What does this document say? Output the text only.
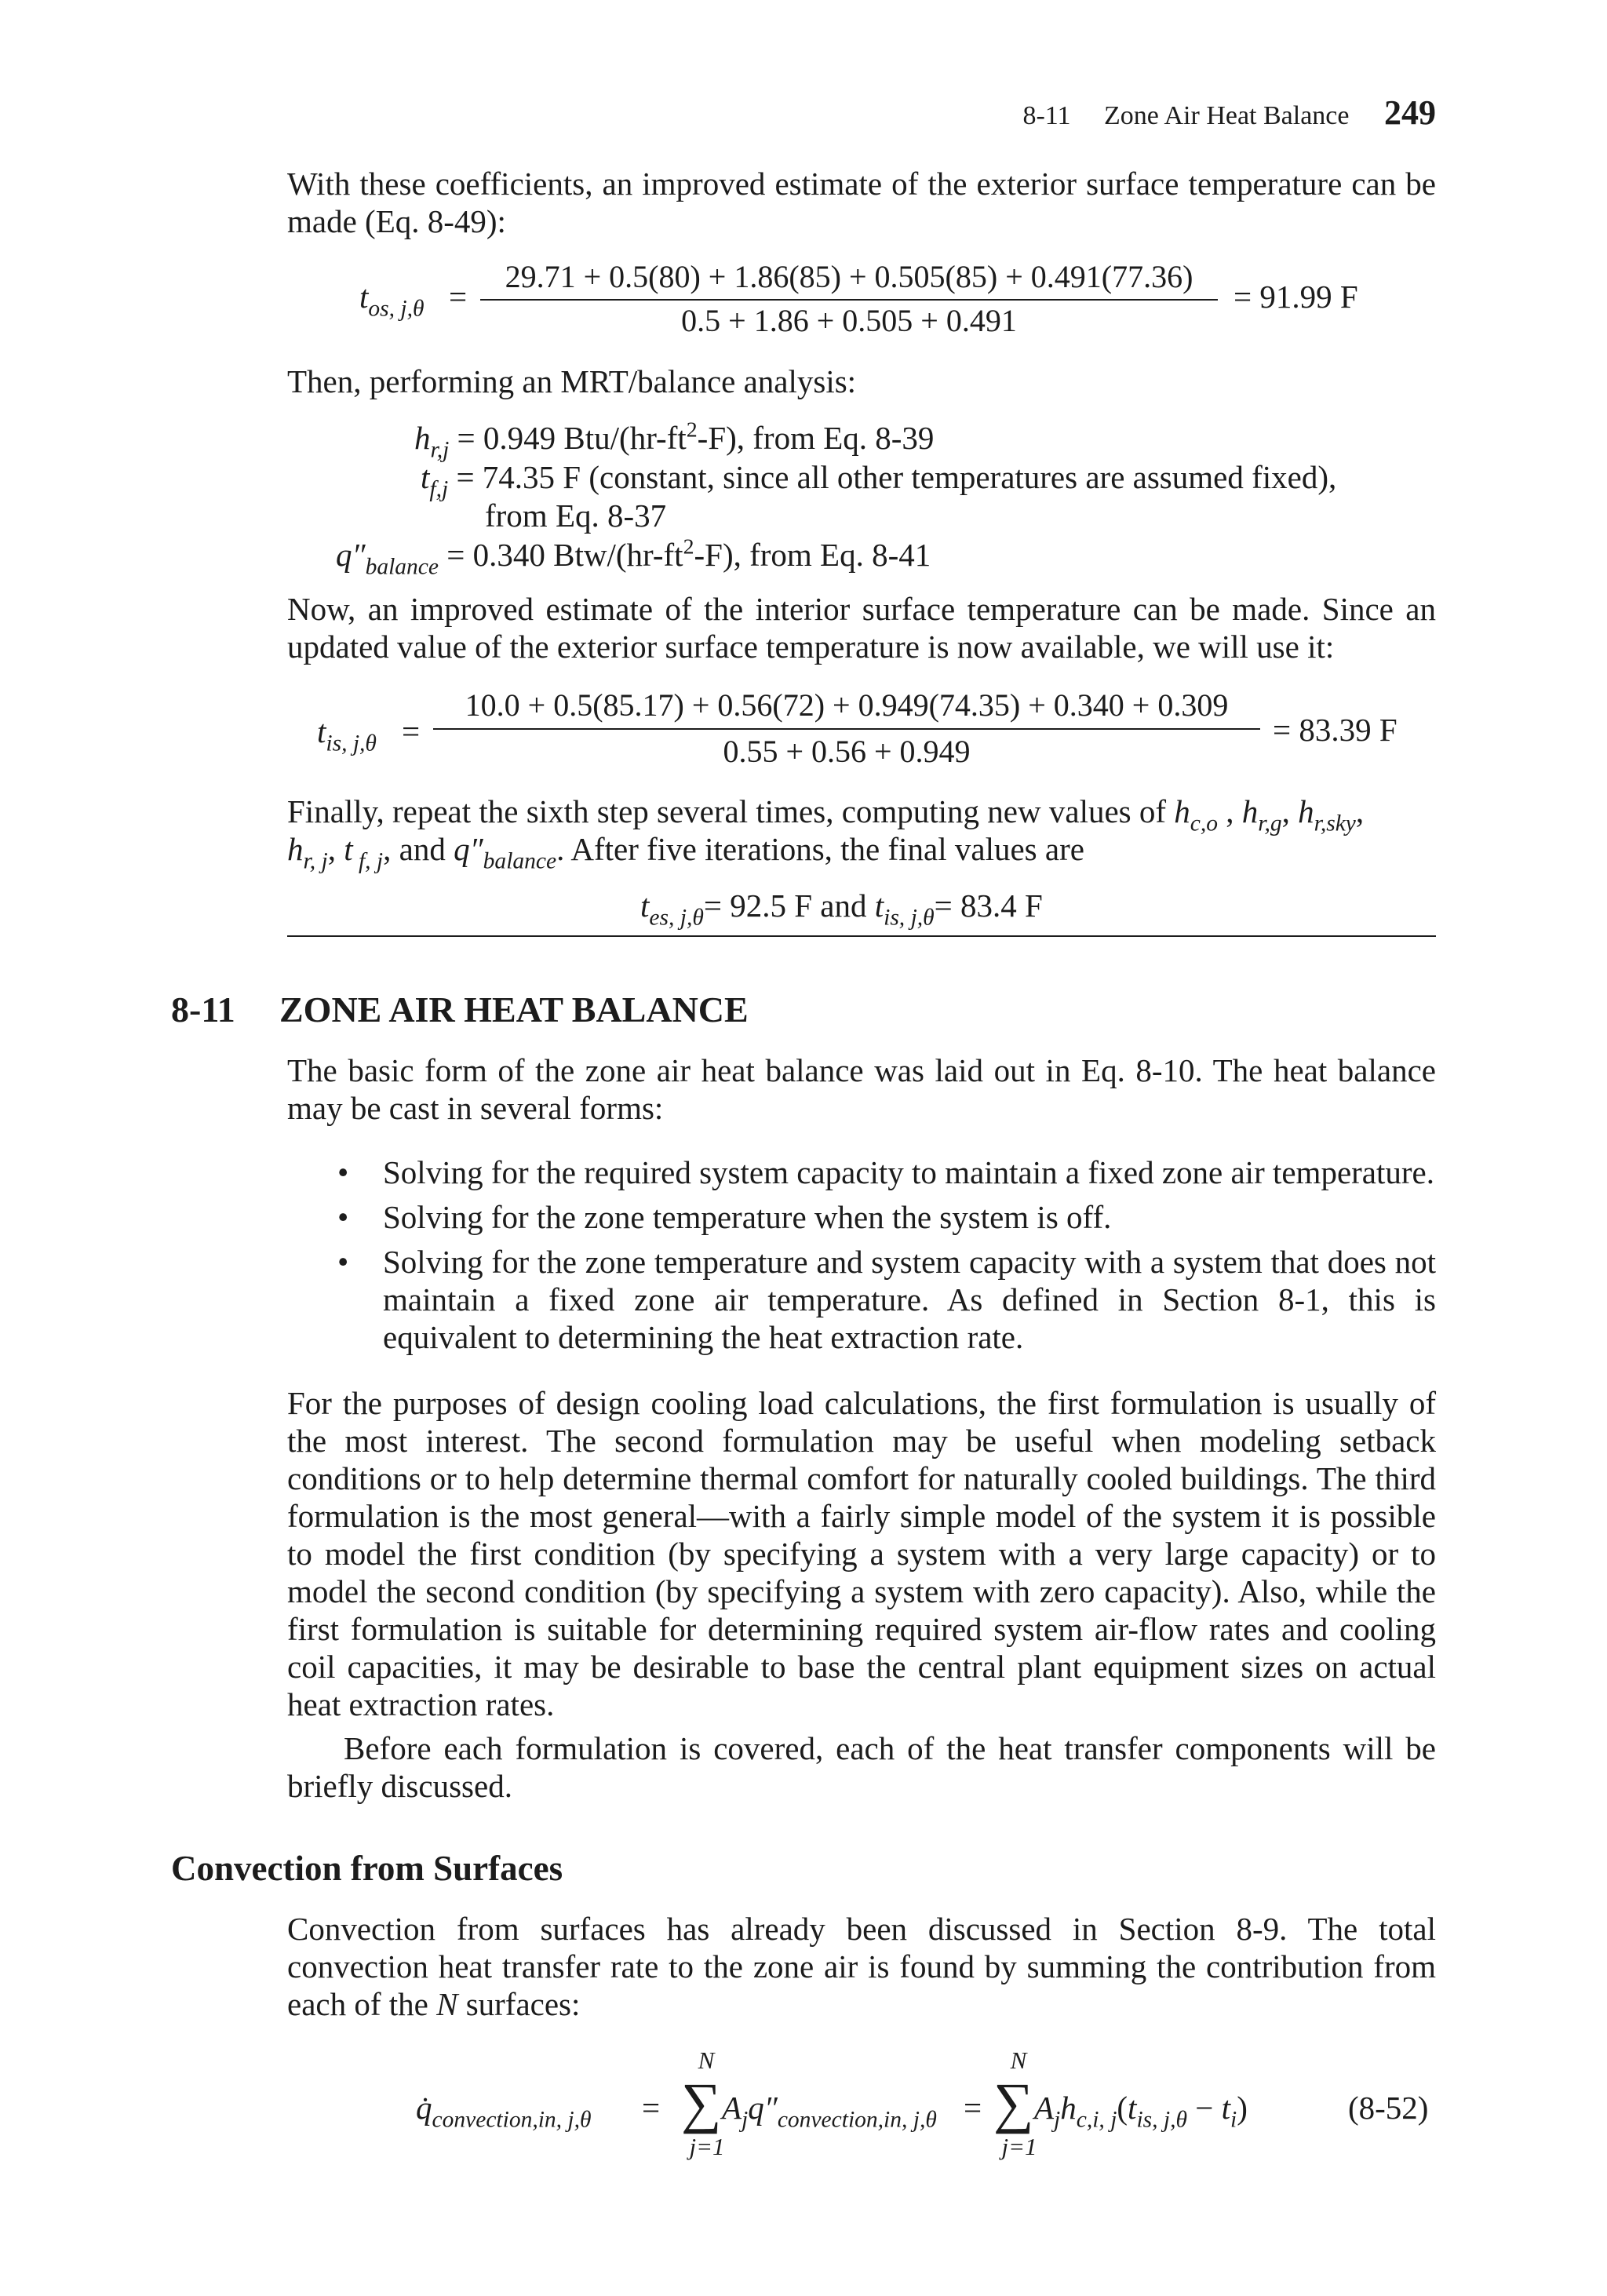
8-11 Zone Air Heat Balance 249
With these coefficients, an improved estimate of the exterior surface temperature can be made (Eq. 8-49):
$t_{os, j,\theta}$ =
29.71 + 0.5(80) + 1.86(85) + 0.505(85) + 0.491(77.36)
0.5 + 1.86 + 0.505 + 0.491
= 91.99 F
Then, performing an MRT/balance analysis:
$h_{r,j} = 0.949$ Btu/$(hr-ft^2-F)$, from Eq. 8-39
$t_{f,j} = 74.35$ F (constant, since all other temperatures are assumed fixed),
from Eq. 8-37
$q''_{balance} = 0.340$ Btw/$(hr-ft^2-F)$, from Eq. 8-41
Now, an improved estimate of the interior surface temperature can be made. Since an updated value of the exterior surface temperature is now available, we will use it:
$t_{is, j,\theta}$ =
10.0 + 0.5(85.17) + 0.56(72) + 0.949(74.35) + 0.340 + 0.309
0.55 + 0.56 + 0.949
= 83.39 F
Finally, repeat the sixth step several times, computing new values of $h_{c,o}$ , $h_{r,g}$, $h_{r,sky}$,
$h_{r, j}$, t $_{f, j}$, and $q''_{balance}$. After five iterations, the final values are
$t_{es, j,\theta}= 92.5$ F and $t_{is, j,\theta}= 83.4$ F
8-11 ZONE AIR HEAT BALANCE
The basic form of the zone air heat balance was laid out in Eq. 8-10. The heat balance may be cast in several forms:
• Solving for the required system capacity to maintain a fixed zone air temperature.
• Solving for the zone temperature when the system is off.
• Solving for the zone temperature and system capacity with a system that does not maintain a fixed zone air temperature. As defined in Section 8-1, this is equivalent to determining the heat extraction rate.
For the purposes of design cooling load calculations, the first formulation is usually of the most interest. The second formulation may be useful when modeling setback conditions or to help determine thermal comfort for naturally cooled buildings. The third formulation is the most general—with a fairly simple model of the system it is possible to model the first condition (by specifying a system with a very large capacity) or to model the second condition (by specifying a system with zero capacity). Also, while the first formulation is suitable for determining required system air-flow rates and cooling coil capacities, it may be desirable to base the central plant equipment sizes on actual heat extraction rates.
Before each formulation is covered, each of the heat transfer components will be briefly discussed.
Convection from Surfaces
Convection from surfaces has already been discussed in Section 8-9. The total convection heat transfer rate to the zone air is found by summing the contribution from each of the N surfaces:
$q̇_{convection,in, j,\theta}$ =
N
∑
j=1
$A_jq''_{convection,in, j,\theta}$ =
N
∑
j=1
$A_jh_{c,i, j}(t_{is, j,\theta} - t_i)$	(8-52)
